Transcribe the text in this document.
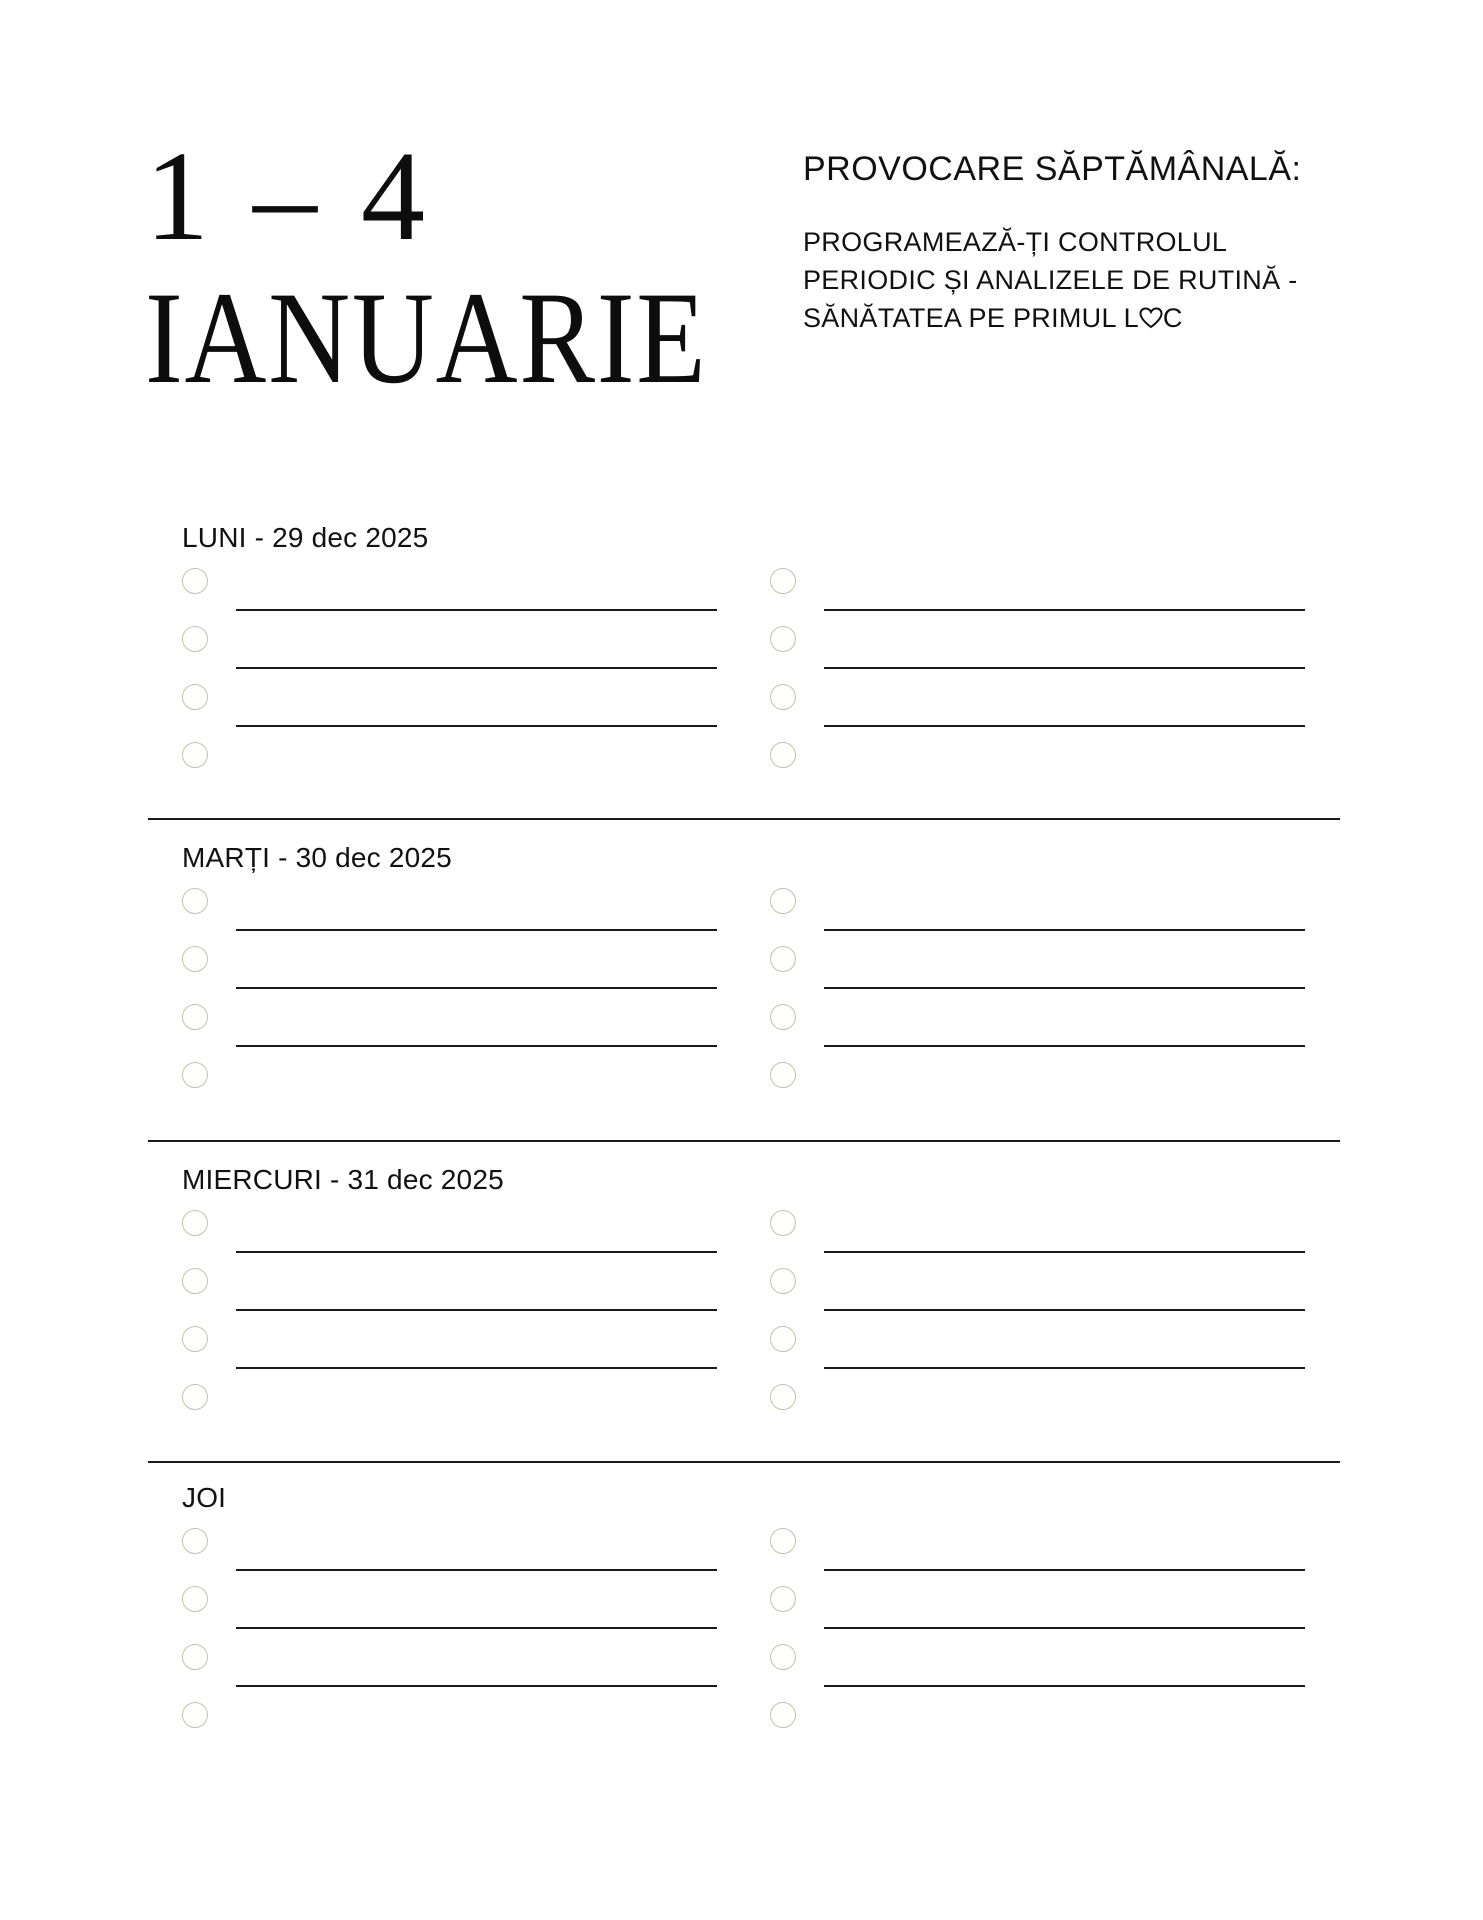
1 – 4
IANUARIE
PROVOCARE SĂPTĂMÂNALĂ:

PROGRAMEAZĂ-ȚI CONTROLUL PERIODIC ȘI ANALIZELE DE RUTINĂ - SĂNĂTATEA PE PRIMUL L C

LUNI - 29 dec 2025
MARȚI - 30 dec 2025
MIERCURI - 31 dec 2025
JOI
